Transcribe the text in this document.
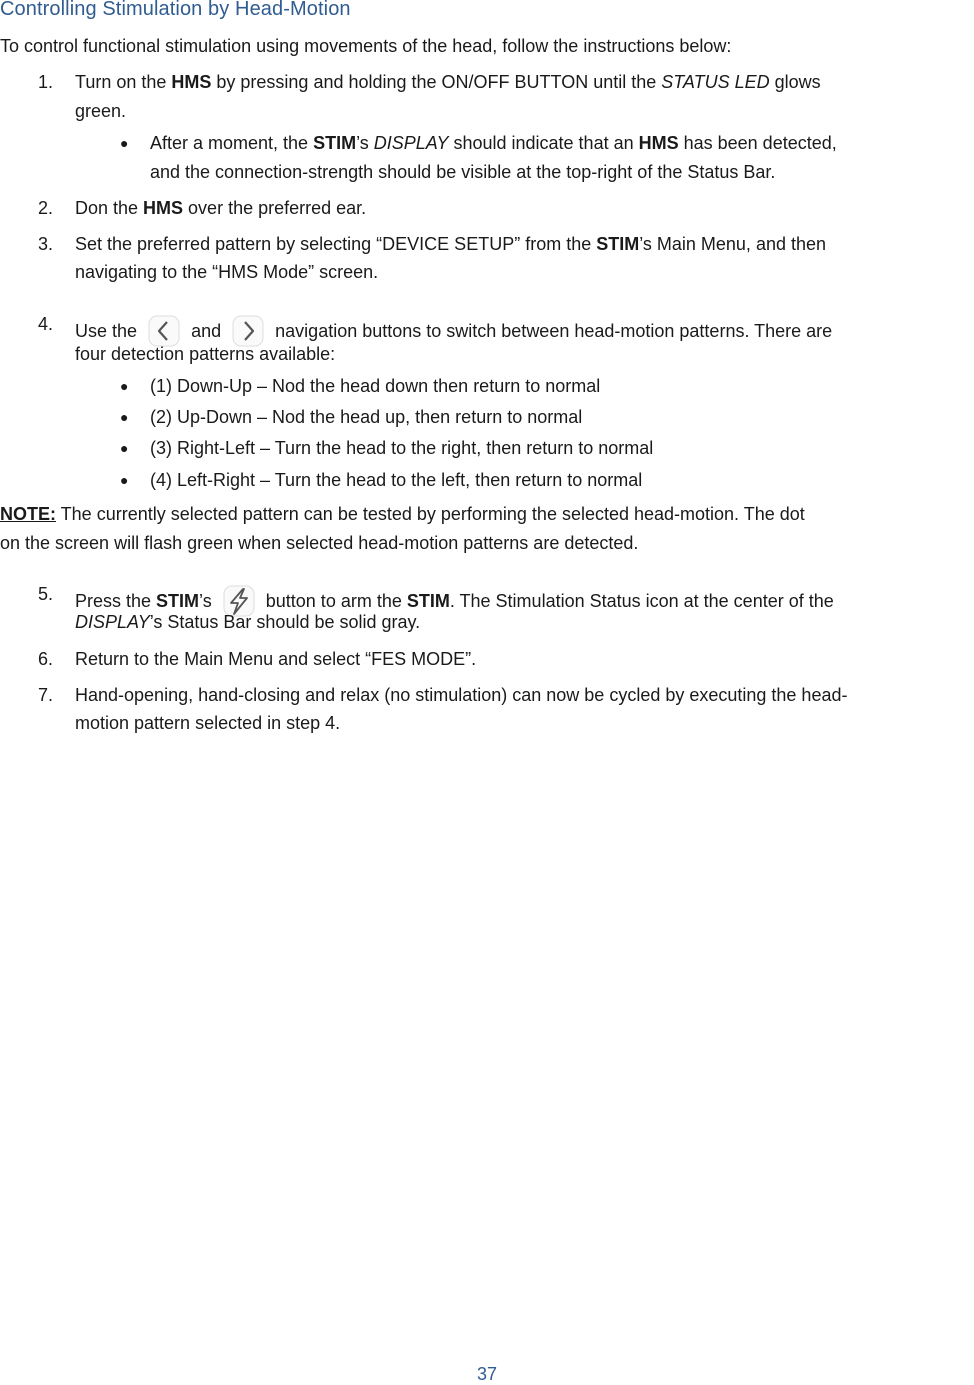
Controlling Stimulation by Head-Motion
To control functional stimulation using movements of the head, follow the instructions below:
1.	Turn on the HMS by pressing and holding the ON/OFF BUTTON until the STATUS LED glows
green.
● After a moment, the STIM’s DISPLAY should indicate that an HMS has been detected,
and the connection-strength should be visible at the top-right of the Status Bar.
2.	Don the HMS over the preferred ear.
3.	Set the preferred pattern by selecting “DEVICE SETUP” from the STIM’s Main Menu, and then
navigating to the “HMS Mode” screen.
4.	Use the	and	navigation buttons to switch between head-motion patterns. There are
four detection patterns available:
● (1) Down-Up – Nod the head down then return to normal
● (2) Up-Down – Nod the head up, then return to normal
● (3) Right-Left – Turn the head to the right, then return to normal
● (4) Left-Right – Turn the head to the left, then return to normal
NOTE: The currently selected pattern can be tested by performing the selected head-motion. The dot
on the screen will flash green when selected head-motion patterns are detected.
5.	Press the STIM’s	button to arm the STIM. The Stimulation Status icon at the center of the
DISPLAY’s Status Bar should be solid gray.
6.	Return to the Main Menu and select “FES MODE”.
7.	Hand-opening, hand-closing and relax (no stimulation) can now be cycled by executing the head-
motion pattern selected in step 4.
37
